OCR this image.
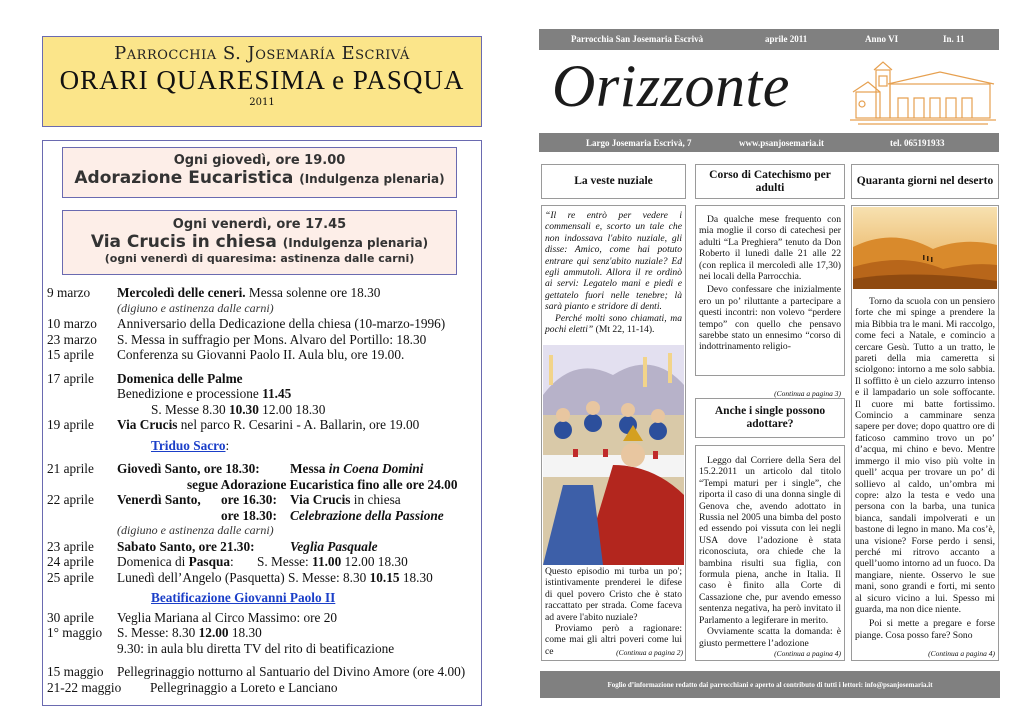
Parrocchia S. Josemaría Escrivá
ORARI QUARESIMA e PASQUA
2011
Ogni giovedì, ore 19.00
Adorazione Eucaristica (Indulgenza plenaria)
Ogni venerdì, ore 17.45
Via Crucis in chiesa (Indulgenza plenaria)
(ogni venerdì di quaresima: astinenza dalle carni)
9 marzo	Mercoledì delle ceneri. Messa solenne ore 18.30
(digiuno e astinenza dalle carni)
10 marzo	Anniversario della Dedicazione della chiesa (10-marzo-1996)
23 marzo	S. Messa in suffragio per Mons. Alvaro del Portillo: 18.30
15 aprile	Conferenza su Giovanni Paolo II. Aula blu, ore 19.00.
17 aprile	Domenica delle Palme
Benedizione e processione 11.45
S. Messe 8.30 10.30 12.00 18.30
19 aprile	Via Crucis nel parco R. Cesarini - A. Ballarin, ore 19.00
Triduo Sacro:
21 aprile	Giovedì Santo, ore 18.30: Messa in Coena Domini
segue Adorazione Eucaristica fino alle ore 24.00
22 aprile	Venerdì Santo, ore 16.30: Via Crucis in chiesa
ore 18.30: Celebrazione della Passione
(digiuno e astinenza dalle carni)
23 aprile	Sabato Santo, ore 21.30:	Veglia Pasquale
24 aprile	Domenica di Pasqua: S. Messe: 11.00 12.00 18.30
25 aprile	Lunedì dell’Angelo (Pasquetta) S. Messe: 8.30 10.15 18.30
Beatificazione Giovanni Paolo II
30 aprile	Veglia Mariana al Circo Massimo: ore 20
1° maggio	S. Messe: 8.30 12.00 18.30
9.30: in aula blu diretta TV del rito di beatificazione
15 maggio	Pellegrinaggio notturno al Santuario del Divino Amore (ore 4.00)
21-22 maggio	Pellegrinaggio a Loreto e Lanciano
Parrocchia San Josemaria Escrivà	aprile 2011	Anno VI	In. 11
Orizzonte
Largo Josemaria Escrivà, 7	www.psanjosemaria.it	tel. 065191933
La veste nuziale

“Il re entrò per vedere i commensali e, scorto un tale che non indossava l'abito nuziale, gli disse: Amico, come hai potuto entrare qui senz'abito nuziale? Ed egli ammutolì. Allora il re ordinò ai servi: Legatelo mani e piedi e gettatelo fuori nelle tenebre; là sarà pianto e stridore di denti.

Perché molti sono chiamati, ma pochi eletti” (Mt 22, 11-14).

Questo episodio mi turba un po'; istintivamente prenderei le difese di quel povero Cristo che è stato raccattato per strada. Come faceva ad avere l'abito nuziale?

Proviamo però a ragionare: come mai gli altri poveri come lui ce	(Continua a pagina 2)
Corso di Catechismo per adulti

Da qualche mese frequento con mia moglie il corso di catechesi per adulti “La Preghiera” tenuto da Don Roberto il lunedì dalle 21 alle 22 (con replica il mercoledì alle 17,30) nei locali della Parrocchia.

Devo confessare che inizialmente ero un po’ riluttante a partecipare a questi incontri: non volevo “perdere tempo” con quello che pensavo sarebbe stato un ennesimo “corso di indottrinamento religio-

(Continua a pagina 3)
Anche i single possono adottare?

Leggo dal Corriere della Sera del 15.2.2011 un articolo dal titolo “Tempi maturi per i single”, che riporta il caso di una donna single di Genova che, avendo adottato in Russia nel 2005 una bimba del posto ed essendo poi vissuta con lei negli USA dove l’adozione è stata riconosciuta, ora chiede che la bambina risulti sua figlia, con formula piena, anche in Italia. Il caso è finito alla Corte di Cassazione che, pur avendo emesso sentenza negativa, ha però invitato il Parlamento a legiferare in merito.

Ovviamente scatta la domanda: è giusto permettere l’adozione

(Continua a pagina 4)
Quaranta giorni nel deserto

Torno da scuola con un pensiero forte che mi spinge a prendere la mia Bibbia tra le mani. Mi raccolgo, come feci a Natale, e comincio a cercare Gesù. Tutto a un tratto, le pareti della mia cameretta si sciolgono: intorno a me solo sabbia. Il soffitto è un cielo azzurro intenso e il lampadario un sole soffocante. Il cuore mi batte fortissimo. Comincio a camminare senza sapere per dove; dopo quattro ore di faticoso cammino trovo un po’ d’acqua, mi chino e bevo. Mentre immergo il mio viso più volte in quell’ acqua per trovare un po’ di sollievo al caldo, un’ombra mi copre: alzo la testa e vedo una persona con la barba, una tunica bianca, sandali impolverati e un bastone di legno in mano. Ma cos’è, una visione? Forse perdo i sensi, perché mi ritrovo accanto a quell’uomo intorno ad un fuoco. Da mangiare, niente. Osservo le sue mani, sono grandi e forti, mi sento al sicuro vicino a lui. Spesso mi guarda, ma non dice niente.

Poi si mette a pregare e forse piange. Cosa posso fare? Sono

(Continua a pagina 4)
Foglio d’informazione redatto dai parrocchiani e aperto al contributo di tutti i lettori: info@psanjosemaria.it
